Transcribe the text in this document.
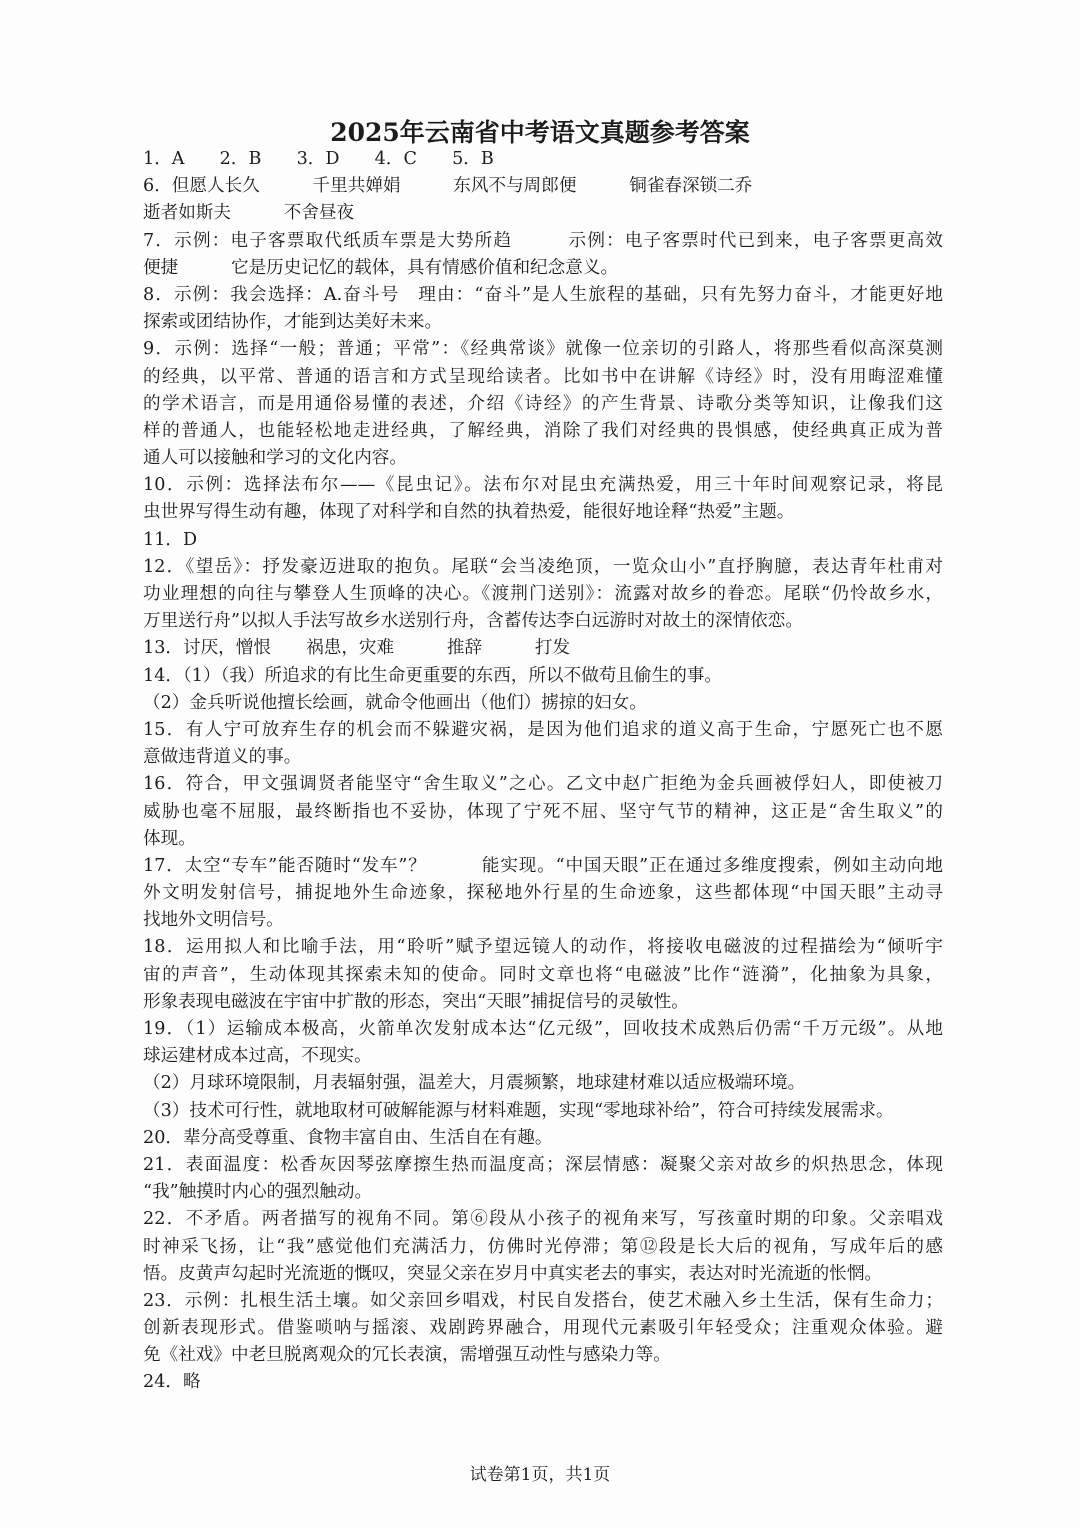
2025年云南省中考语文真题参考答案
1．A　　2．B　　3．D　　4．C　　5．B
6．但愿人长久　　　千里共婵娟　　　东风不与周郎便　　　铜雀春深锁二乔
逝者如斯夫　　　不舍昼夜
7．示例：电子客票取代纸质车票是大势所趋　　　示例：电子客票时代已到来，电子客票更高效
便捷　　　它是历史记忆的载体，具有情感价值和纪念意义。
8．示例：我会选择：A.奋斗号　理由：“奋斗”是人生旅程的基础，只有先努力奋斗，才能更好地
探索或团结协作，才能到达美好未来。
9．示例：选择“一般；普通；平常”：《经典常谈》就像一位亲切的引路人，将那些看似高深莫测
的经典，以平常、普通的语言和方式呈现给读者。比如书中在讲解《诗经》时，没有用晦涩难懂
的学术语言，而是用通俗易懂的表述，介绍《诗经》的产生背景、诗歌分类等知识，让像我们这
样的普通人，也能轻松地走进经典，了解经典，消除了我们对经典的畏惧感，使经典真正成为普
通人可以接触和学习的文化内容。
10．示例：选择法布尔——《昆虫记》。法布尔对昆虫充满热爱，用三十年时间观察记录，将昆
虫世界写得生动有趣，体现了对科学和自然的执着热爱，能很好地诠释“热爱”主题。
11．D
12．《望岳》：抒发豪迈进取的抱负。尾联“会当凌绝顶，一览众山小”直抒胸臆，表达青年杜甫对
功业理想的向往与攀登人生顶峰的决心。《渡荆门送别》：流露对故乡的眷恋。尾联“仍怜故乡水，
万里送行舟”以拟人手法写故乡水送别行舟，含蓄传达李白远游时对故土的深情依恋。
13．讨厌，憎恨　　祸患，灾难　　　推辞　　　打发
14．（1）（我）所追求的有比生命更重要的东西，所以不做苟且偷生的事。
（2）金兵听说他擅长绘画，就命令他画出（他们）掳掠的妇女。
15．有人宁可放弃生存的机会而不躲避灾祸，是因为他们追求的道义高于生命，宁愿死亡也不愿
意做违背道义的事。
16．符合，甲文强调贤者能坚守“舍生取义”之心。乙文中赵广拒绝为金兵画被俘妇人，即使被刀
威胁也毫不屈服，最终断指也不妥协，体现了宁死不屈、坚守气节的精神，这正是“舍生取义”的
体现。
17．太空“专车”能否随时“发车”？　　　能实现。“中国天眼”正在通过多维度搜索，例如主动向地
外文明发射信号，捕捉地外生命迹象，探秘地外行星的生命迹象，这些都体现“中国天眼”主动寻
找地外文明信号。
18．运用拟人和比喻手法，用“聆听”赋予望远镜人的动作，将接收电磁波的过程描绘为“倾听宇
宙的声音”，生动体现其探索未知的使命。同时文章也将“电磁波”比作“涟漪”，化抽象为具象，
形象表现电磁波在宇宙中扩散的形态，突出“天眼”捕捉信号的灵敏性。
19．（1）运输成本极高，火箭单次发射成本达“亿元级”，回收技术成熟后仍需“千万元级”。从地
球运建材成本过高，不现实。
（2）月球环境限制，月表辐射强，温差大，月震频繁，地球建材难以适应极端环境。
（3）技术可行性，就地取材可破解能源与材料难题，实现“零地球补给”，符合可持续发展需求。
20．辈分高受尊重、食物丰富自由、生活自在有趣。
21．表面温度：松香灰因琴弦摩擦生热而温度高；深层情感：凝聚父亲对故乡的炽热思念，体现
“我”触摸时内心的强烈触动。
22．不矛盾。两者描写的视角不同。第⑥段从小孩子的视角来写，写孩童时期的印象。父亲唱戏
时神采飞扬，让“我”感觉他们充满活力，仿佛时光停滞；第⑫段是长大后的视角，写成年后的感
悟。皮黄声勾起时光流逝的慨叹，突显父亲在岁月中真实老去的事实，表达对时光流逝的怅惘。
23．示例：扎根生活土壤。如父亲回乡唱戏，村民自发搭台，使艺术融入乡土生活，保有生命力；
创新表现形式。借鉴唢呐与摇滚、戏剧跨界融合，用现代元素吸引年轻受众；注重观众体验。避
免《社戏》中老旦脱离观众的冗长表演，需增强互动性与感染力等。
24．略
试卷第1页，共1页
